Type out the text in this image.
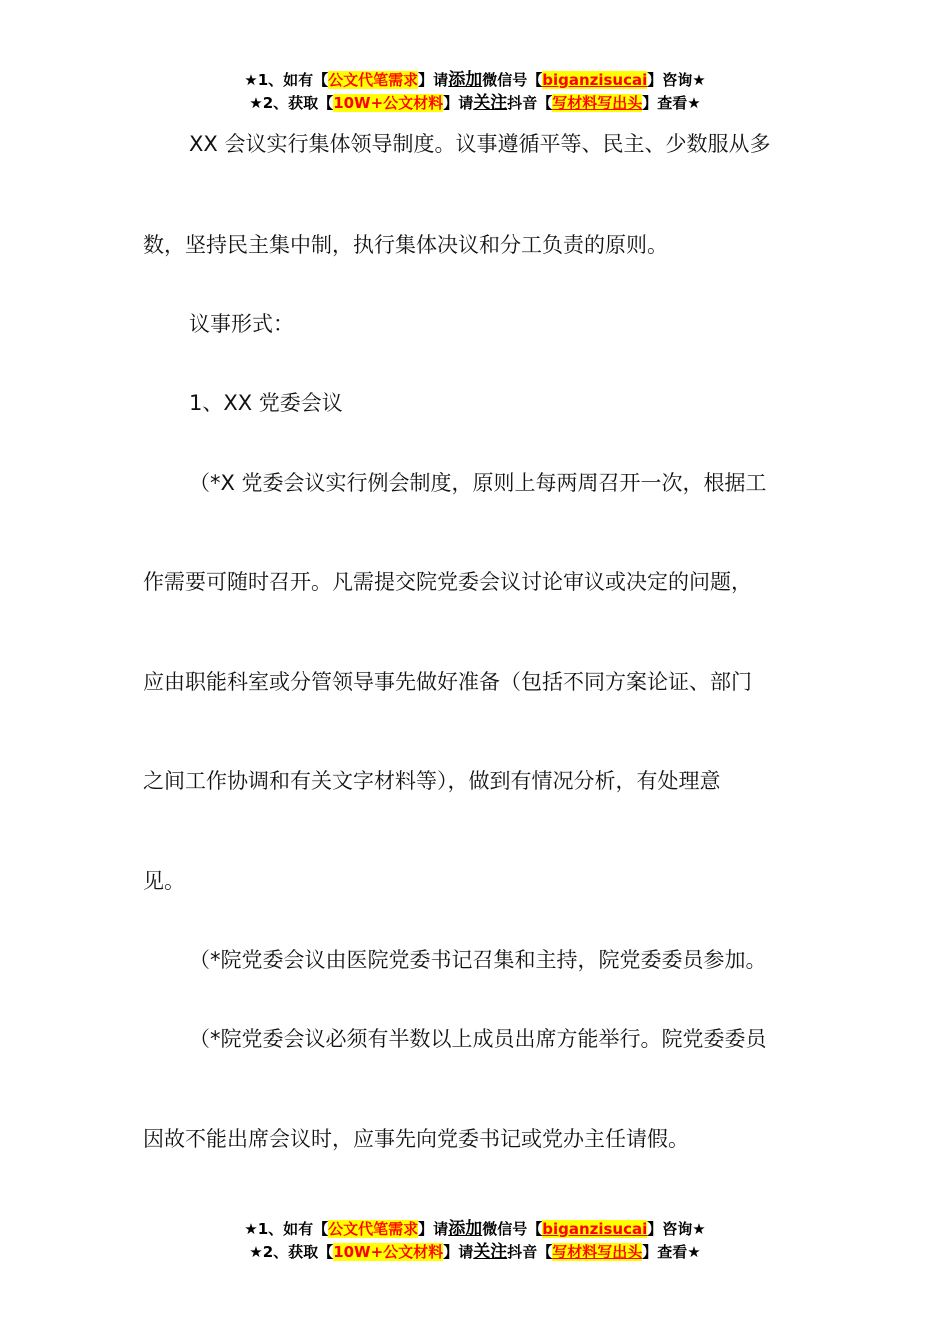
★1、如有【公文代笔需求】请添加微信号【biganzisucai】咨询★
★2、获取【10W+公文材料】请关注抖音【写材料写出头】查看★
XX 会议实行集体领导制度。议事遵循平等、民主、少数服从多
数，坚持民主集中制，执行集体决议和分工负责的原则。
议事形式：
1、XX 党委会议
（*X 党委会议实行例会制度，原则上每两周召开一次，根据工
作需要可随时召开。凡需提交院党委会议讨论审议或决定的问题，
应由职能科室或分管领导事先做好准备（包括不同方案论证、部门
之间工作协调和有关文字材料等），做到有情况分析，有处理意
见。
（*院党委会议由医院党委书记召集和主持，院党委委员参加。
（*院党委会议必须有半数以上成员出席方能举行。院党委委员
因故不能出席会议时，应事先向党委书记或党办主任请假。
★1、如有【公文代笔需求】请添加微信号【biganzisucai】咨询★
★2、获取【10W+公文材料】请关注抖音【写材料写出头】查看★
